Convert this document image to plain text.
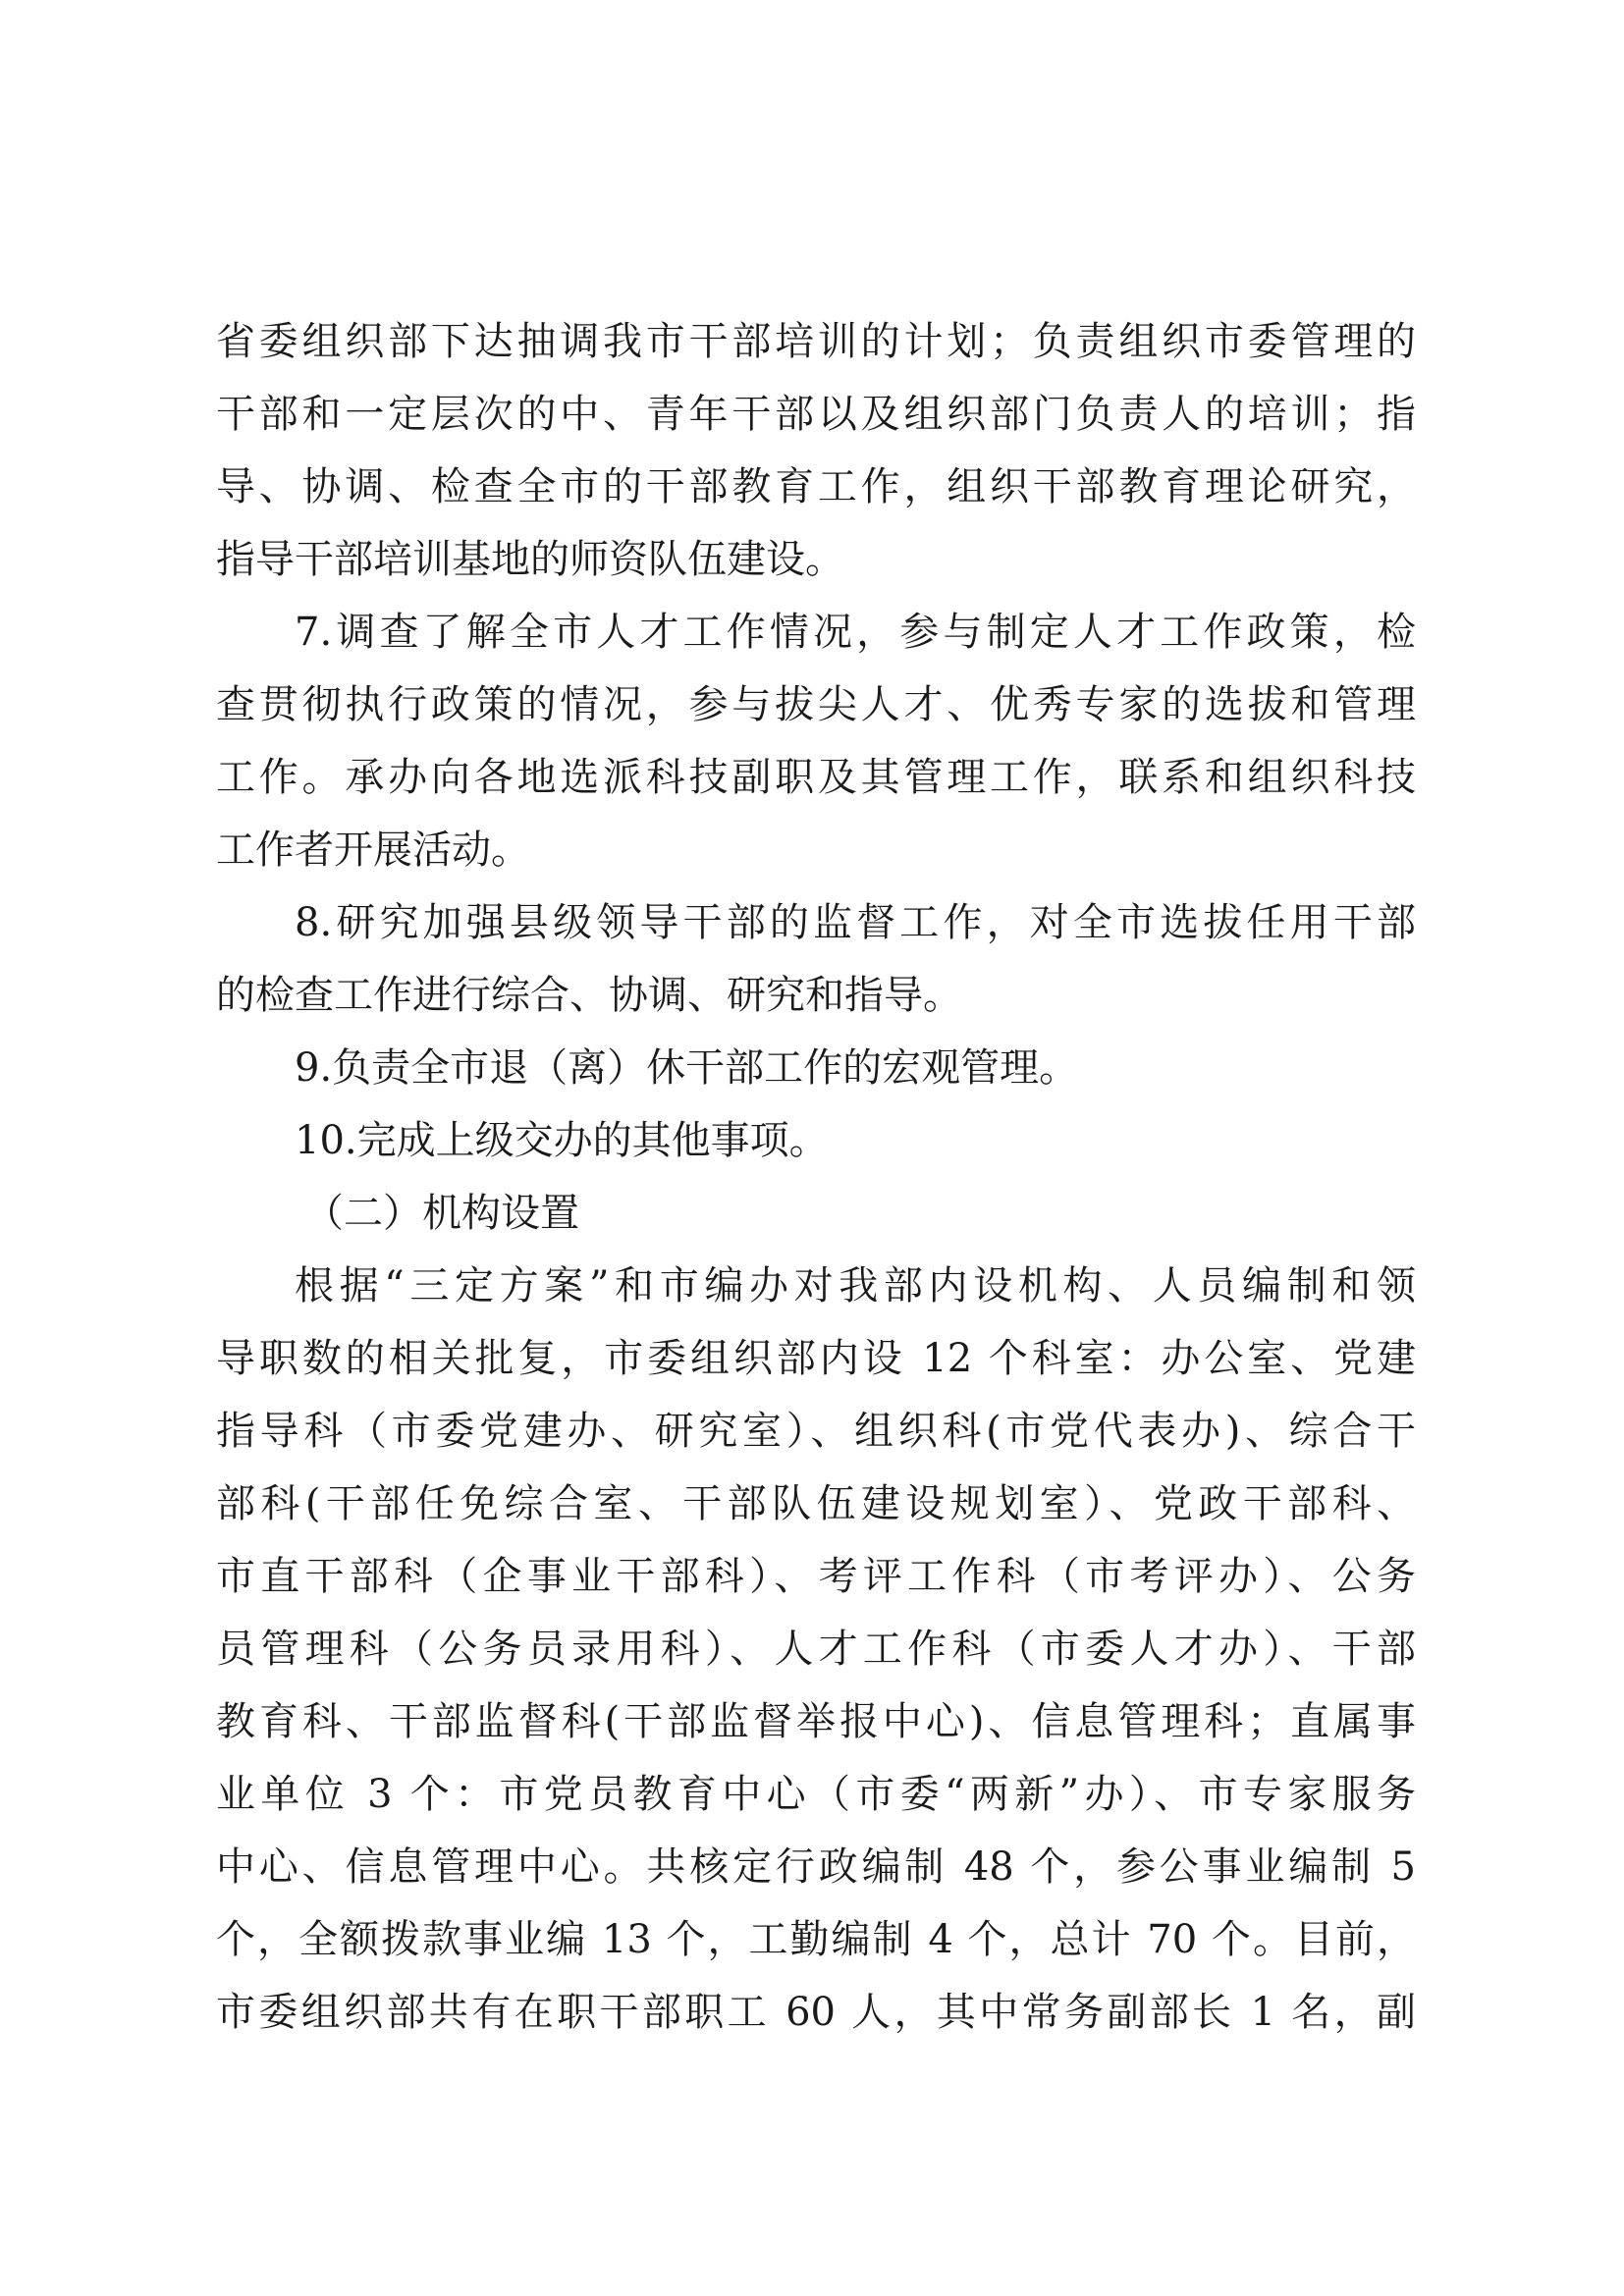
省委组织部下达抽调我市干部培训的计划；负责组织市委管理的
干部和一定层次的中、青年干部以及组织部门负责人的培训；指
导、协调、检查全市的干部教育工作，组织干部教育理论研究，
指导干部培训基地的师资队伍建设。
7.调查了解全市人才工作情况，参与制定人才工作政策，检
查贯彻执行政策的情况，参与拔尖人才、优秀专家的选拔和管理
工作。承办向各地选派科技副职及其管理工作，联系和组织科技
工作者开展活动。
8.研究加强县级领导干部的监督工作，对全市选拔任用干部
的检查工作进行综合、协调、研究和指导。
9.负责全市退（离）休干部工作的宏观管理。
10.完成上级交办的其他事项。
（二）机构设置
根据“三定方案”和市编办对我部内设机构、人员编制和领
导职数的相关批复，市委组织部内设 12 个科室：办公室、党建
指导科（市委党建办、研究室）、组织科(市党代表办)、综合干
部科(干部任免综合室、干部队伍建设规划室）、党政干部科、
市直干部科（企事业干部科）、考评工作科（市考评办）、公务
员管理科（公务员录用科）、人才工作科（市委人才办）、干部
教育科、干部监督科(干部监督举报中心)、信息管理科；直属事
业单位 3 个：市党员教育中心（市委“两新”办）、市专家服务
中心、信息管理中心。共核定行政编制 48 个，参公事业编制 5
个，全额拨款事业编 13 个，工勤编制 4 个，总计 70 个。目前，
市委组织部共有在职干部职工 60 人，其中常务副部长 1 名，副
